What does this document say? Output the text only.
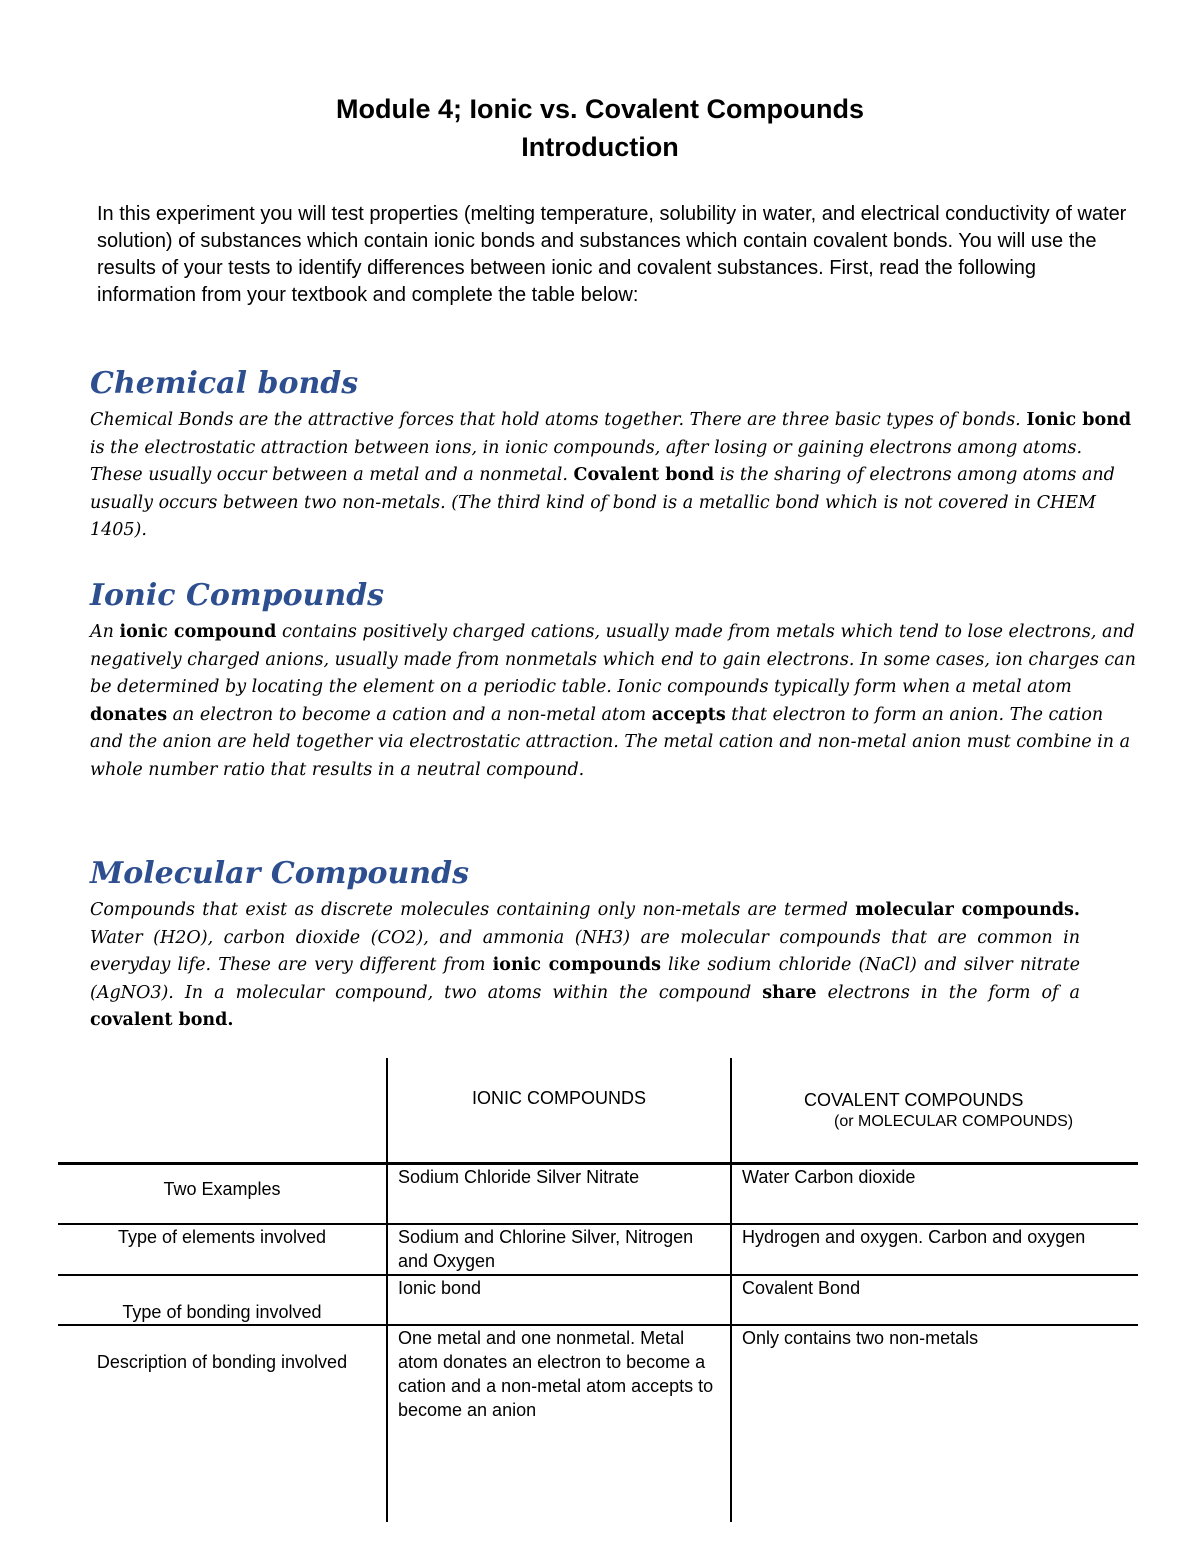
Module 4; Ionic vs. Covalent Compounds
Introduction

In this experiment you will test properties (melting temperature, solubility in water, and electrical conductivity of water solution) of substances which contain ionic bonds and substances which contain covalent bonds. You will use the results of your tests to identify differences between ionic and covalent substances. First, read the following information from your textbook and complete the table below:

Chemical bonds

Chemical Bonds are the attractive forces that hold atoms together. There are three basic types of bonds. Ionic bond is the electrostatic attraction between ions, in ionic compounds, after losing or gaining electrons among atoms. These usually occur between a metal and a nonmetal. Covalent bond is the sharing of electrons among atoms and usually occurs between two non-metals. (The third kind of bond is a metallic bond which is not covered in CHEM 1405).

Ionic Compounds

An ionic compound contains positively charged cations, usually made from metals which tend to lose electrons, and negatively charged anions, usually made from nonmetals which end to gain electrons. In some cases, ion charges can be determined by locating the element on a periodic table. Ionic compounds typically form when a metal atom donates an electron to become a cation and a non-metal atom accepts that electron to form an anion. The cation and the anion are held together via electrostatic attraction. The metal cation and non-metal anion must combine in a whole number ratio that results in a neutral compound.

Molecular Compounds

Compounds that exist as discrete molecules containing only non-metals are termed molecular compounds. Water (H2O), carbon dioxide (CO2), and ammonia (NH3) are molecular compounds that are common in everyday life. These are very different from ionic compounds like sodium chloride (NaCl) and silver nitrate (AgNO3). In a molecular compound, two atoms within the compound share electrons in the form of a covalent bond.

	IONIC COMPOUNDS	COVALENT COMPOUNDS
(or MOLECULAR COMPOUNDS)

Two Examples	Sodium Chloride Silver Nitrate	Water Carbon dioxide
Type of elements involved	Sodium and Chlorine Silver, Nitrogen and Oxygen	Hydrogen and oxygen. Carbon and oxygen
Type of bonding involved	Ionic bond	Covalent Bond
Description of bonding involved	One metal and one nonmetal. Metal atom donates an electron to become a cation and a non-metal atom accepts to become an anion	Only contains two non-metals
